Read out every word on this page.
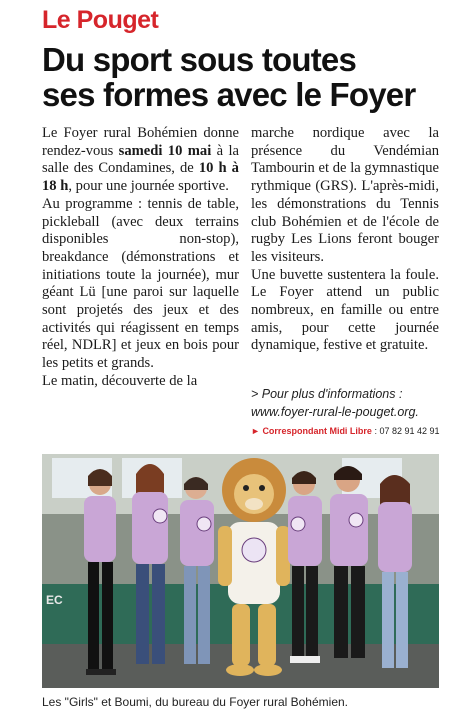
Le Pouget
Du sport sous toutes
ses formes avec le Foyer

Le Foyer rural Bohémien donne rendez-vous samedi 10 mai à la salle des Condamines, de 10 h à 18 h, pour une journée sportive.

Au programme : tennis de table, pickleball (avec deux terrains disponibles non-stop), breakdance (démonstrations et initiations toute la journée), mur géant Lü [une paroi sur laquelle sont projetés des jeux et des activités qui réagissent en temps réel, NDLR] et jeux en bois pour les petits et grands.

Le matin, découverte de la

marche nordique avec la présence du Vendémian Tambourin et de la gymnastique rythmique (GRS). L'après-midi, les démonstrations du Tennis club Bohémien et de l'école de rugby Les Lions feront bouger les visiteurs.

Une buvette sustentera la foule. Le Foyer attend un public nombreux, en famille ou entre amis, pour cette journée dynamique, festive et gratuite.

> Pour plus d'informations :
www.foyer-rural-le-pouget.org.
► Correspondant Midi Libre : 07 82 91 42 91
EC
Les "Girls" et Boumi, du bureau du Foyer rural Bohémien.
